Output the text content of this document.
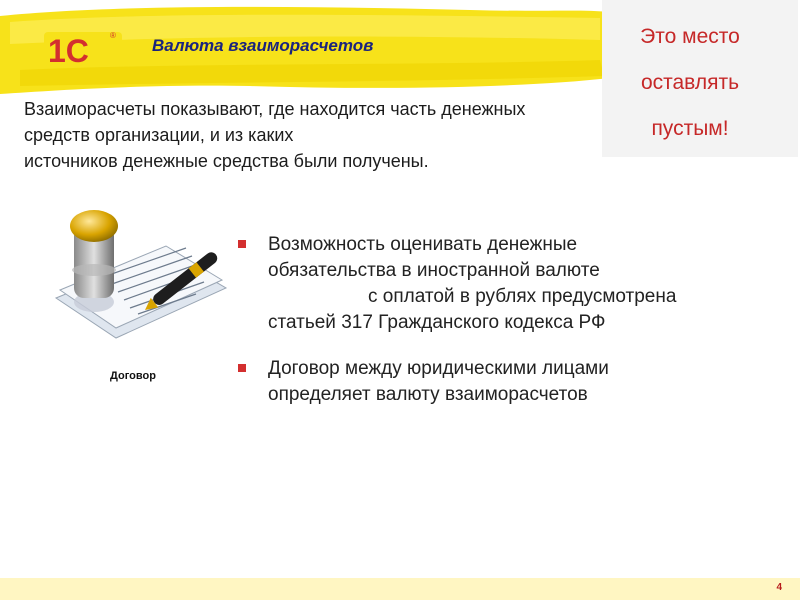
1С	®
Валюта взаиморасчетов	Это место
оставлять
пустым!

Взаиморасчеты показывают, где находится часть денежных
средств организации, и из каких
источников денежные средства были получены.

Договор
Возможность оценивать денежные
обязательства в иностранной валюте
с оплатой в рублях предусмотрена
статьей 317 Гражданского кодекса РФ
Договор между юридическими лицами
определяет валюту взаиморасчетов
4
